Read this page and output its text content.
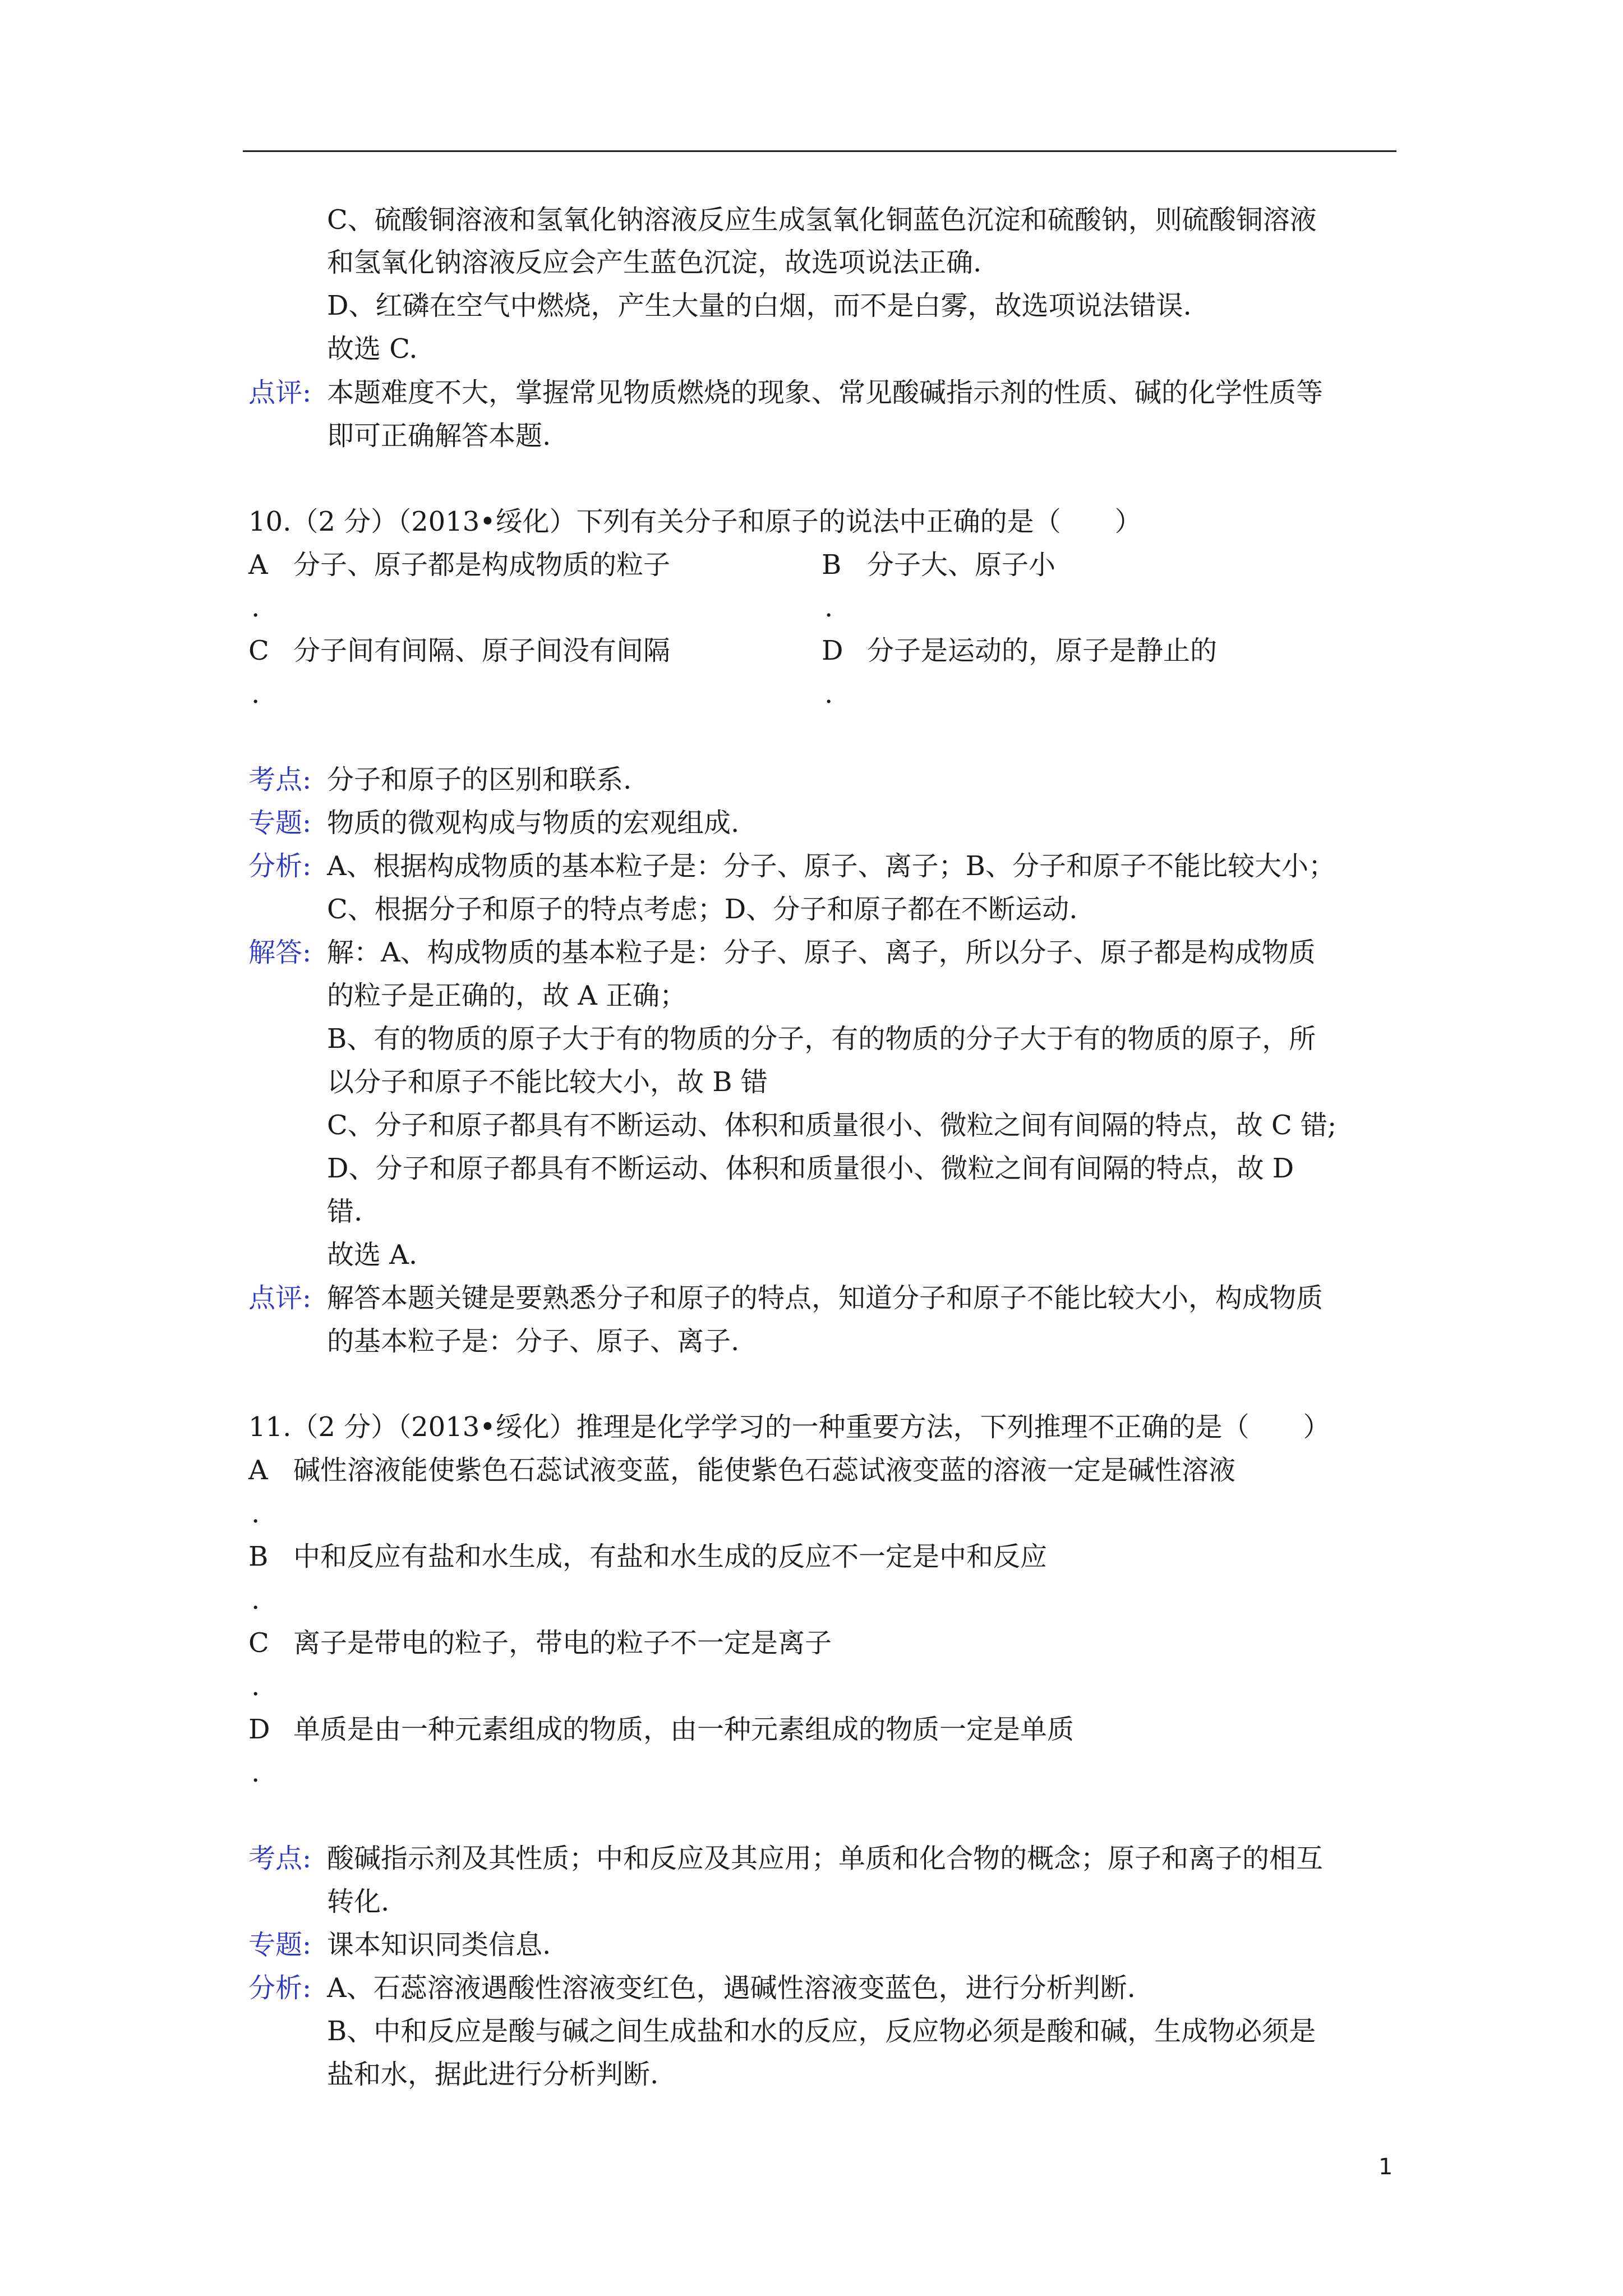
C、硫酸铜溶液和氢氧化钠溶液反应生成氢氧化铜蓝色沉淀和硫酸钠，则硫酸铜溶液
和氢氧化钠溶液反应会产生蓝色沉淀，故选项说法正确.
D、红磷在空气中燃烧，产生大量的白烟，而不是白雾，故选项说法错误.
故选 C.
点评: 本题难度不大，掌握常见物质燃烧的现象、常见酸碱指示剂的性质、碱的化学性质等
即可正确解答本题.
10.（2 分）（2013•绥化）下列有关分子和原子的说法中正确的是（　　）
A 分子、原子都是构成物质的粒子
.
B 分子大、原子小
.
C 分子间有间隔、原子间没有间隔
.
D 分子是运动的，原子是静止的
.
考点: 分子和原子的区别和联系.
专题: 物质的微观构成与物质的宏观组成.
分析: A、根据构成物质的基本粒子是：分子、原子、离子；B、分子和原子不能比较大小；
C、根据分子和原子的特点考虑；D、分子和原子都在不断运动.
解答: 解：A、构成物质的基本粒子是：分子、原子、离子，所以分子、原子都是构成物质
的粒子是正确的，故 A 正确；
B、有的物质的原子大于有的物质的分子，有的物质的分子大于有的物质的原子，所
以分子和原子不能比较大小，故 B 错
C、分子和原子都具有不断运动、体积和质量很小、微粒之间有间隔的特点，故 C 错;
D、分子和原子都具有不断运动、体积和质量很小、微粒之间有间隔的特点，故 D
错.
故选 A.
点评: 解答本题关键是要熟悉分子和原子的特点，知道分子和原子不能比较大小，构成物质
的基本粒子是：分子、原子、离子.
11.（2 分）（2013•绥化）推理是化学学习的一种重要方法，下列推理不正确的是（　　）
A 碱性溶液能使紫色石蕊试液变蓝，能使紫色石蕊试液变蓝的溶液一定是碱性溶液
.
B 中和反应有盐和水生成，有盐和水生成的反应不一定是中和反应
.
C 离子是带电的粒子，带电的粒子不一定是离子
.
D 单质是由一种元素组成的物质，由一种元素组成的物质一定是单质
.
考点: 酸碱指示剂及其性质；中和反应及其应用；单质和化合物的概念；原子和离子的相互
转化.
专题: 课本知识同类信息.
分析: A、石蕊溶液遇酸性溶液变红色，遇碱性溶液变蓝色，进行分析判断.
B、中和反应是酸与碱之间生成盐和水的反应，反应物必须是酸和碱，生成物必须是
盐和水，据此进行分析判断.
1
